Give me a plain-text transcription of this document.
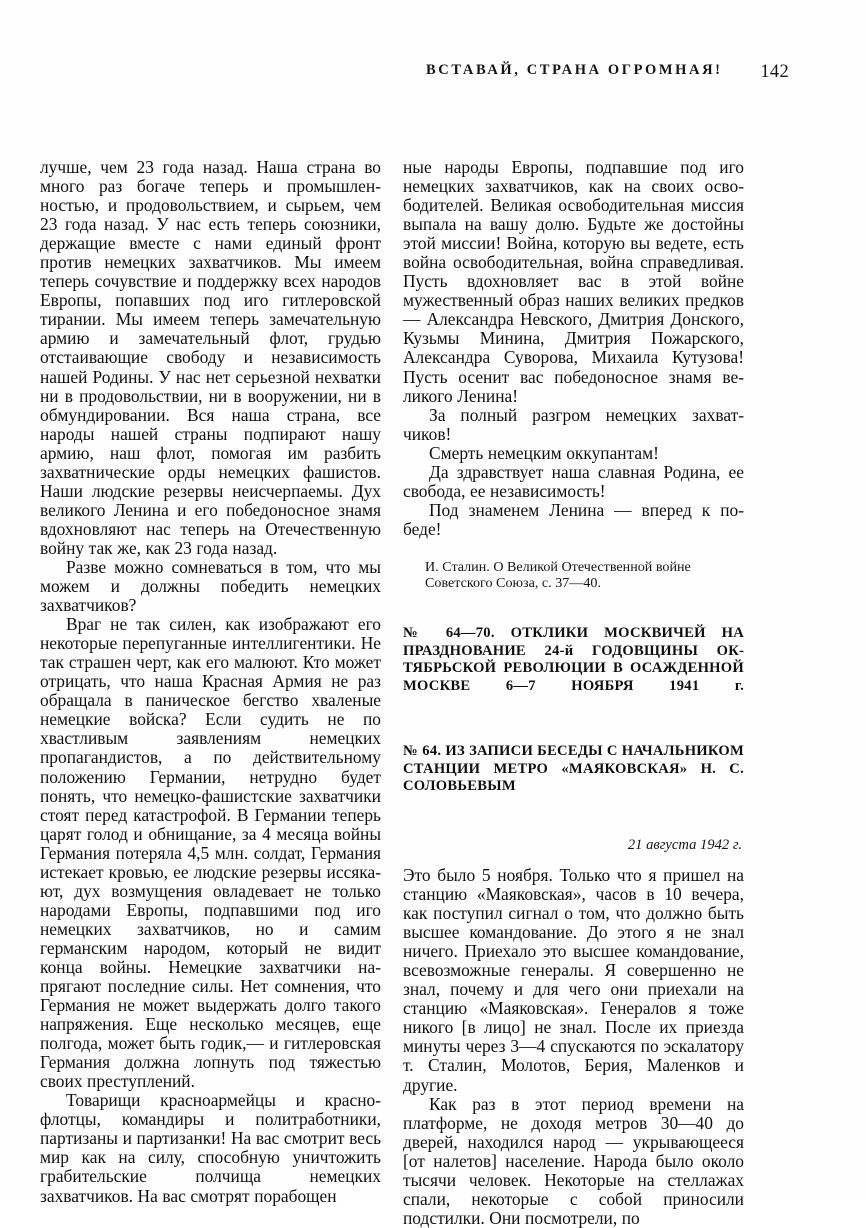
ВСТАВАЙ, СТРАНА ОГРОМНАЯ! 142

лучше, чем 23 года назад. Наша страна во много раз богаче теперь и промышленностью, и продовольствием, и сырьем, чем 23 года назад. У нас есть теперь союзники, держащие вместе с нами единый фронт против немецких захватчиков. Мы имеем теперь сочувствие и поддержку всех народов Европы, попавших под иго гитлеровской тирании. Мы имеем теперь замечательную армию и замечательный флот, грудью отстаивающие свободу и независимость нашей Родины. У нас нет серьезной нехватки ни в продовольствии, ни в вооружении, ни в обмундировании. Вся наша страна, все народы нашей страны подпирают нашу армию, наш флот, помогая им разбить захватнические орды немецких фашистов. Наши людские резервы неисчерпаемы. Дух великого Ленина и его победоносное знамя вдохновляют нас теперь на Отечественную войну так же, как 23 года назад.

Разве можно сомневаться в том, что мы можем и должны победить немецких захватчиков?

Враг не так силен, как изображают его некоторые перепуганные интеллигентики. Не так страшен черт, как его малюют. Кто может отрицать, что наша Красная Армия не раз обращала в паническое бегство хваленые немецкие войска? Если судить не по хвастливым заявлениям немецких пропагандистов, а по действительному положению Германии, нетрудно будет понять, что немецко-фашистские захватчики стоят перед катастрофой. В Германии теперь царят голод и обнищание, за 4 месяца войны Германия потеряла 4,5 млн. солдат, Германия истекает кровью, ее людские резервы иссякают, дух возмущения овладевает не только народами Европы, подпавшими под иго немецких захватчиков, но и самим германским народом, который не видит конца войны. Немецкие захватчики напрягают последние силы. Нет сомнения, что Германия не может выдержать долго такого напряжения. Еще несколько месяцев, еще полгода, может быть годик,— и гитлеровская Германия должна лопнуть под тяжестью своих преступлений.

Товарищи красноармейцы и краснофлотцы, командиры и политработники, партизаны и партизанки! На вас смотрит весь мир как на силу, способную уничтожить грабительские полчища немецких захватчиков. На вас смотрят порабощен

ные народы Европы, подпавшие под иго немецких захватчиков, как на своих освободителей. Великая освободительная миссия выпала на вашу долю. Будьте же достойны этой миссии! Война, которую вы ведете, есть война освободительная, война справедливая. Пусть вдохновляет вас в этой войне мужественный образ наших великих предков — Александра Невского, Дмитрия Донского, Кузьмы Минина, Дмитрия Пожарского, Александра Суворова, Михаила Кутузова! Пусть осенит вас победоносное знамя великого Ленина!

За полный разгром немецких захватчиков!

Смерть немецким оккупантам!

Да здравствует наша славная Родина, ее свобода, ее независимость!

Под знаменем Ленина — вперед к победе!

И. Сталин. О Великой Отечественной войне Советского Союза, с. 37—40.
№ 64—70. ОТКЛИКИ МОСКВИЧЕЙ НА ПРАЗДНОВАНИЕ 24-й ГОДОВЩИНЫ ОКТЯБРЬСКОЙ РЕВОЛЮЦИИ В ОСАЖДЕННОЙ МОСКВЕ 6—7 НОЯБРЯ 1941 г.
№ 64. ИЗ ЗАПИСИ БЕСЕДЫ С НАЧАЛЬНИКОМ СТАНЦИИ МЕТРО «МАЯКОВСКАЯ» Н. С. СОЛОВЬЕВЫМ
21 августа 1942 г.

Это было 5 ноября. Только что я пришел на станцию «Маяковская», часов в 10 вечера, как поступил сигнал о том, что должно быть высшее командование. До этого я не знал ничего. Приехало это высшее командование, всевозможные генералы. Я совершенно не знал, почему и для чего они приехали на станцию «Маяковская». Генералов я тоже никого [в лицо] не знал. После их приезда минуты через 3—4 спускаются по эскалатору т. Сталин, Молотов, Берия, Маленков и другие.

Как раз в этот период времени на платформе, не доходя метров 30—40 до дверей, находился народ — укрывающееся [от налетов] население. Народа было около тысячи человек. Некоторые на стеллажах спали, некоторые с собой приносили подстилки. Они посмотрели, по
